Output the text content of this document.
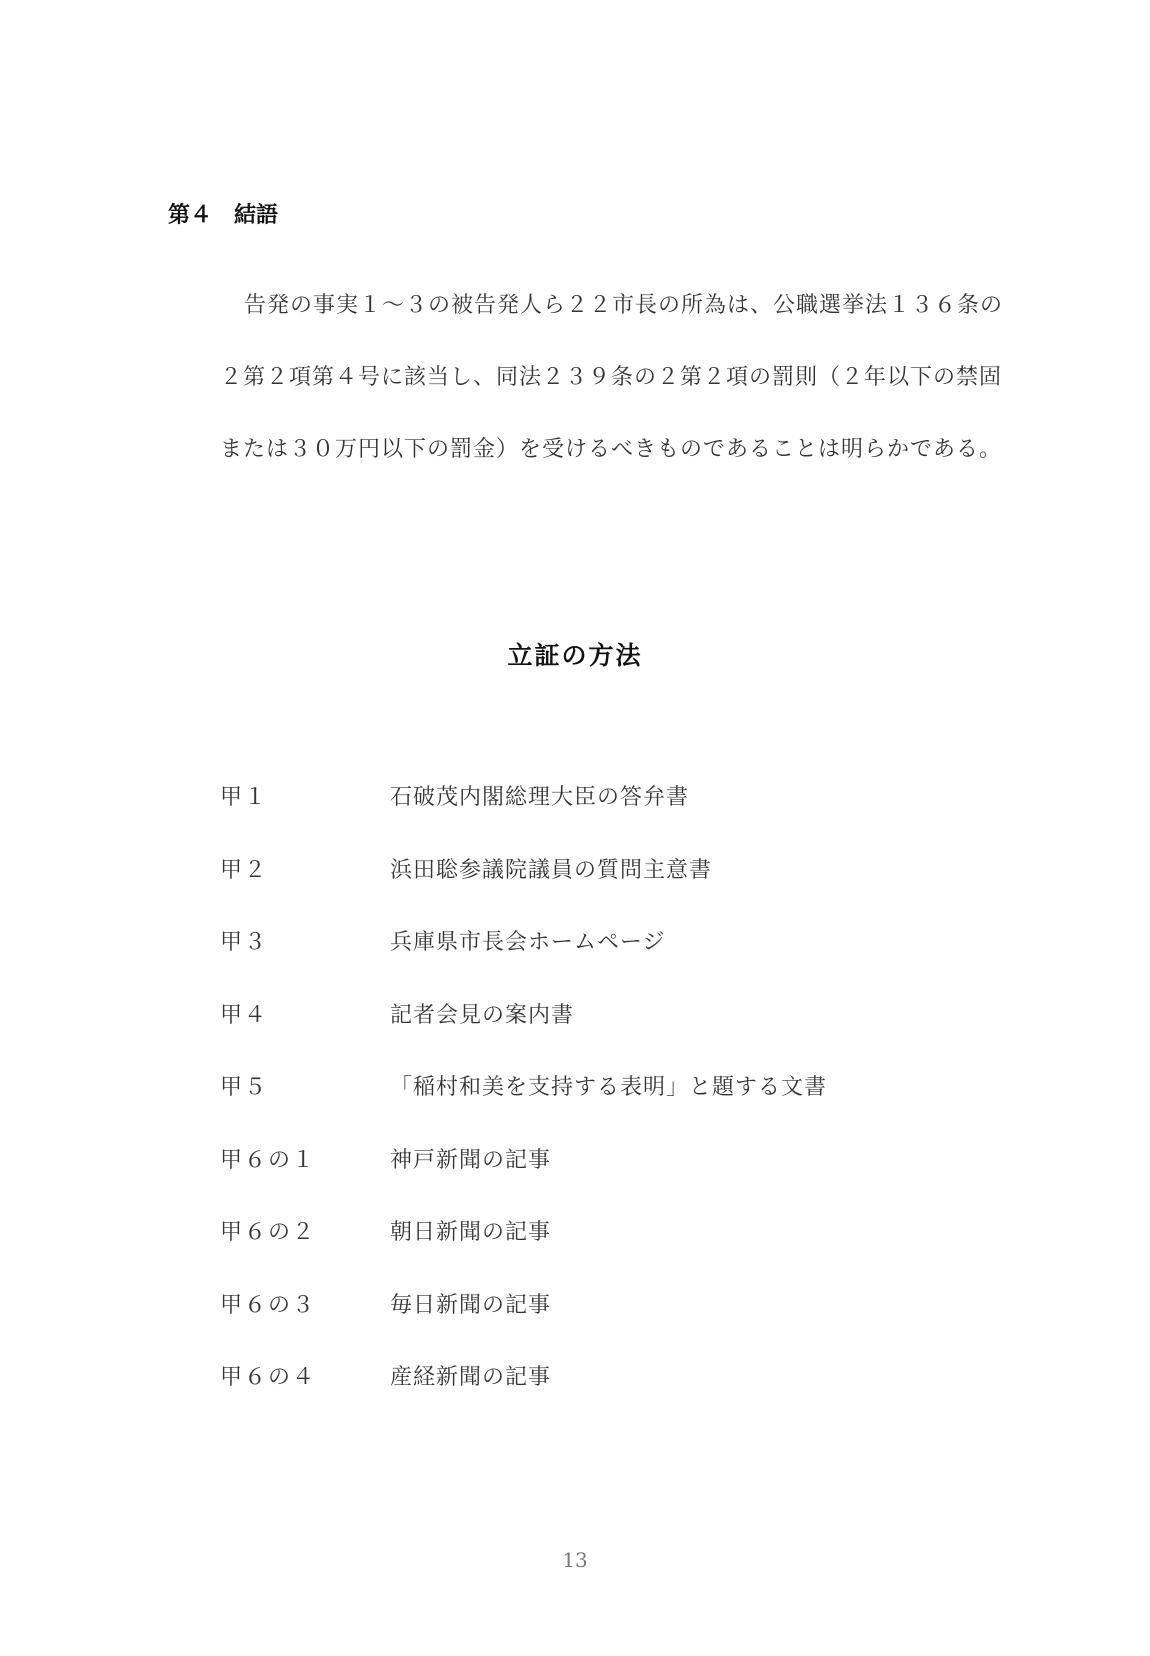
第４　結語

告発の事実１〜３の被告発人ら２２市長の所為は、公職選挙法１３６条の２第２項第４号に該当し、同法２３９条の２第２項の罰則（２年以下の禁固または３０万円以下の罰金）を受けるべきものであることは明らかである。

立証の方法
甲１	石破茂内閣総理大臣の答弁書
甲２	浜田聡参議院議員の質問主意書
甲３	兵庫県市長会ホームページ
甲４	記者会見の案内書
甲５	「稲村和美を支持する表明」と題する文書
甲６の１	神戸新聞の記事
甲６の２	朝日新聞の記事
甲６の３	毎日新聞の記事
甲６の４	産経新聞の記事
13
